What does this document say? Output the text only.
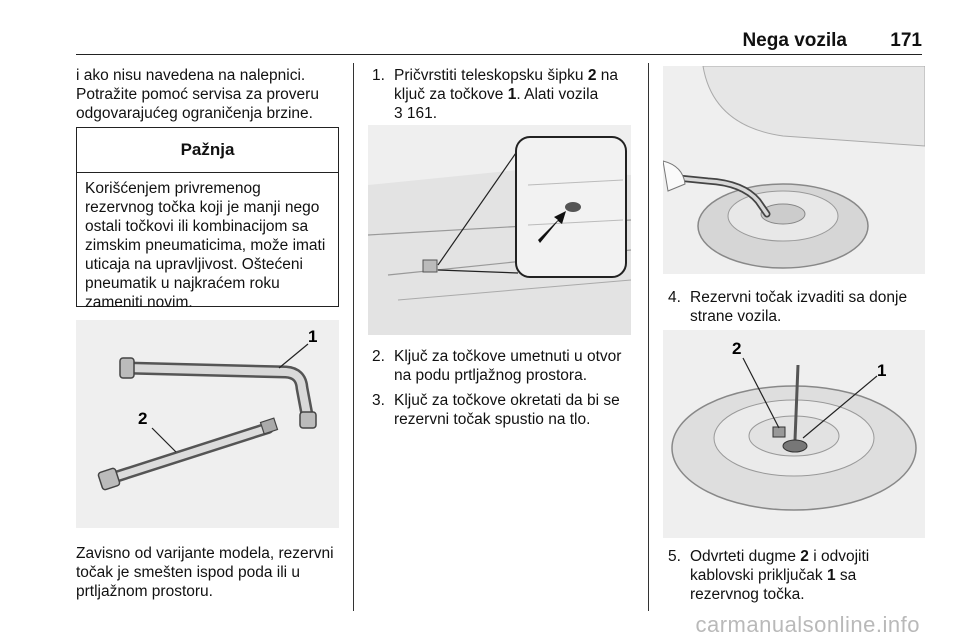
Nega vozila 171
i ako nisu navedena na nalepnici. Potražite pomoć servisa za proveru odgovarajućeg ograničenja brzine.
Pažnja
Korišćenjem privremenog rezervnog točka koji je manji nego ostali točkovi ili kombinacijom sa zimskim pneumaticima, može imati uticaja na upravljivost. Oštećeni pneumatik u najkraćem roku zameniti novim.
1
2
Zavisno od varijante modela, rezervni točak je smešten ispod poda ili u prtljažnom prostoru.
1. Pričvrstiti teleskopsku šipku 2 na ključ za točkove 1. Alati vozila
3 161.
2. Ključ za točkove umetnuti u otvor na podu prtljažnog prostora.
3. Ključ za točkove okretati da bi se rezervni točak spustio na tlo.
4. Rezervni točak izvaditi sa donje strane vozila.
2
1
5. Odvrteti dugme 2 i odvojiti kablovski priključak 1 sa rezervnog točka.
carmanualsonline.info
